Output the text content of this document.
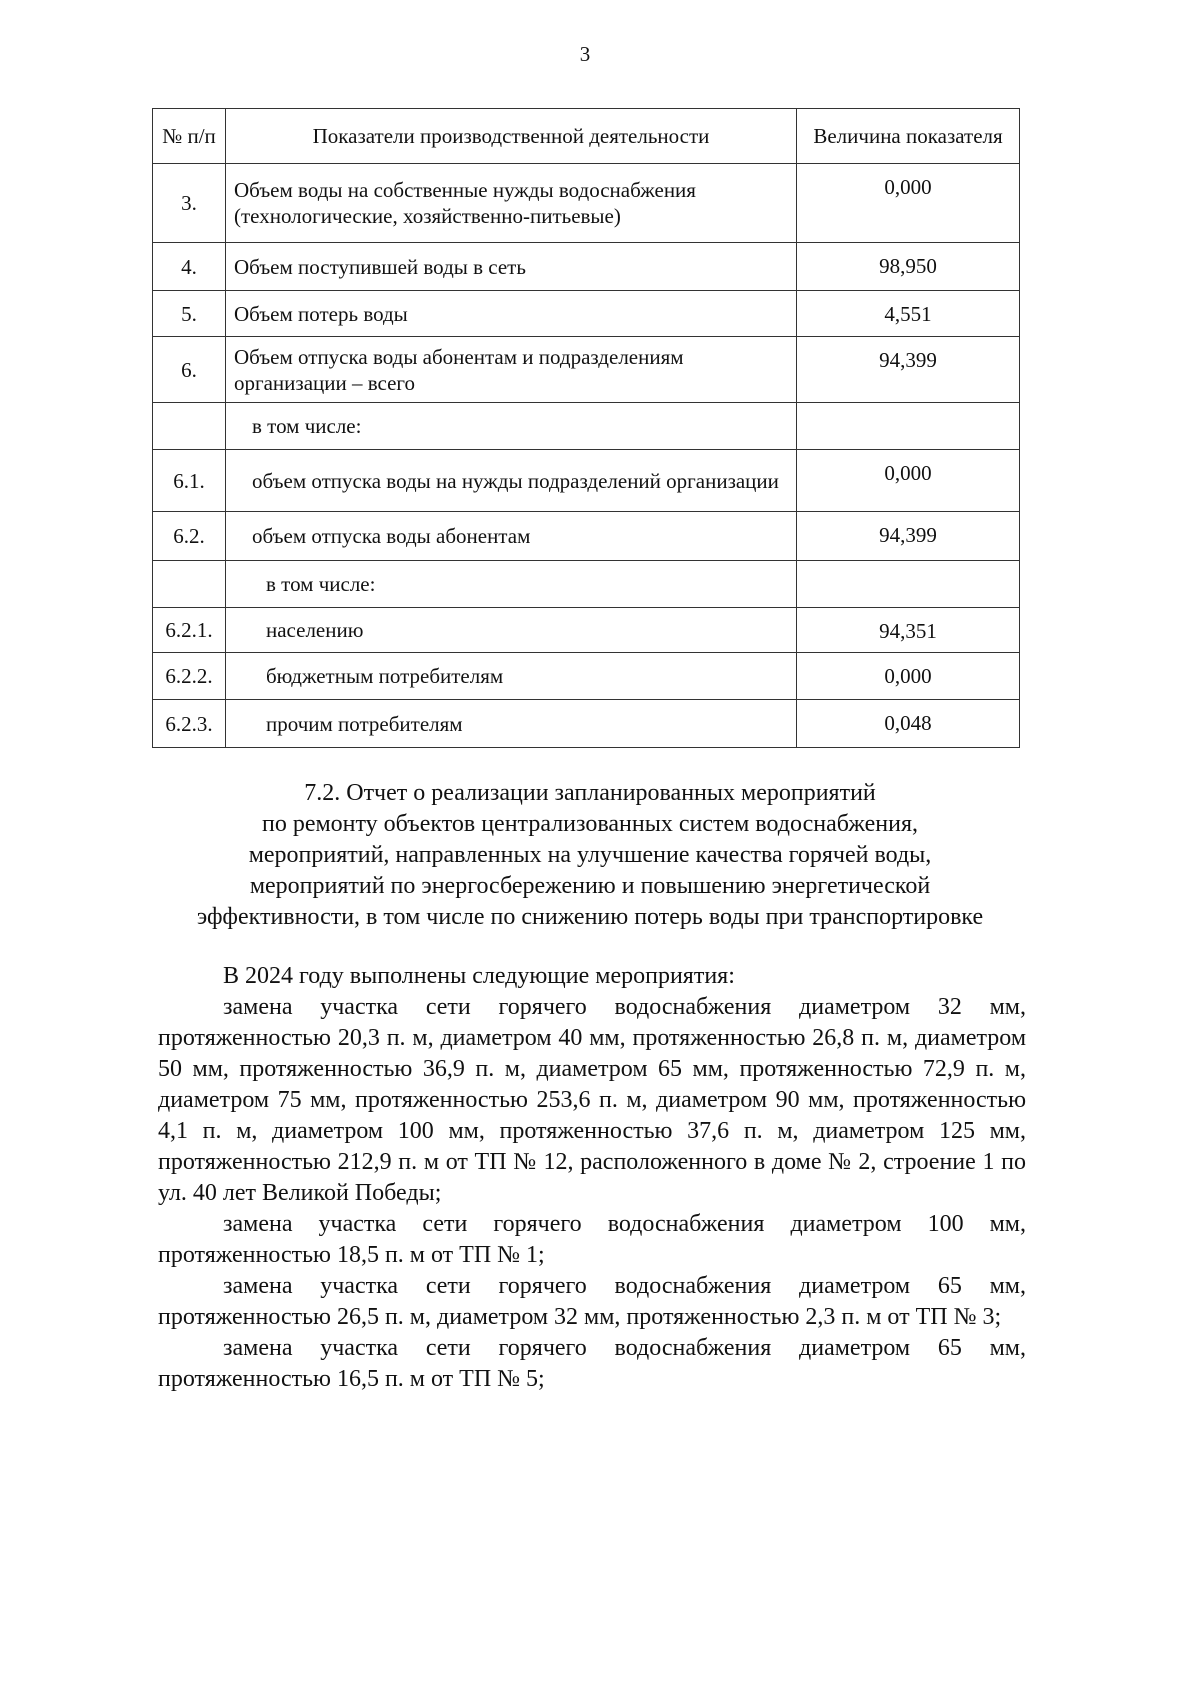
3
№ п/п	Показатели производственной деятельности	Величина показателя
3.	Объем воды на собственные нужды водоснабжения (технологические, хозяйственно-питьевые)	0,000
4.	Объем поступившей воды в сеть	98,950
5.	Объем потерь воды	4,551
6.	Объем отпуска воды абонентам и подразделениям организации – всего	94,399
	в том числе:	
6.1.	объем отпуска воды на нужды подразделений организации	0,000
6.2.	объем отпуска воды абонентам	94,399
	в том числе:	
6.2.1.	населению	94,351
6.2.2.	бюджетным потребителям	0,000
6.2.3.	прочим потребителям	0,048
7.2. Отчет о реализации запланированных мероприятий
по ремонту объектов централизованных систем водоснабжения,
мероприятий, направленных на улучшение качества горячей воды,
мероприятий по энергосбережению и повышению энергетической
эффективности, в том числе по снижению потерь воды при транспортировке

В 2024 году выполнены следующие мероприятия:

замена участка сети горячего водоснабжения диаметром 32 мм, протяженностью 20,3 п. м, диаметром 40 мм, протяженностью 26,8 п. м, диаметром 50 мм, протяженностью 36,9 п. м, диаметром 65 мм, протяженностью 72,9 п. м, диаметром 75 мм, протяженностью 253,6 п. м, диаметром 90 мм, протяженностью 4,1 п. м, диаметром 100 мм, протяженностью 37,6 п. м, диаметром 125 мм, протяженностью 212,9 п. м от ТП № 12, расположенного в доме № 2, строение 1 по ул. 40 лет Великой Победы;

замена участка сети горячего водоснабжения диаметром 100 мм, протяженностью 18,5 п. м от ТП № 1;

замена участка сети горячего водоснабжения диаметром 65 мм, протяженностью 26,5 п. м, диаметром 32 мм, протяженностью 2,3 п. м от ТП № 3;

замена участка сети горячего водоснабжения диаметром 65 мм, протяженностью 16,5 п. м от ТП № 5;
